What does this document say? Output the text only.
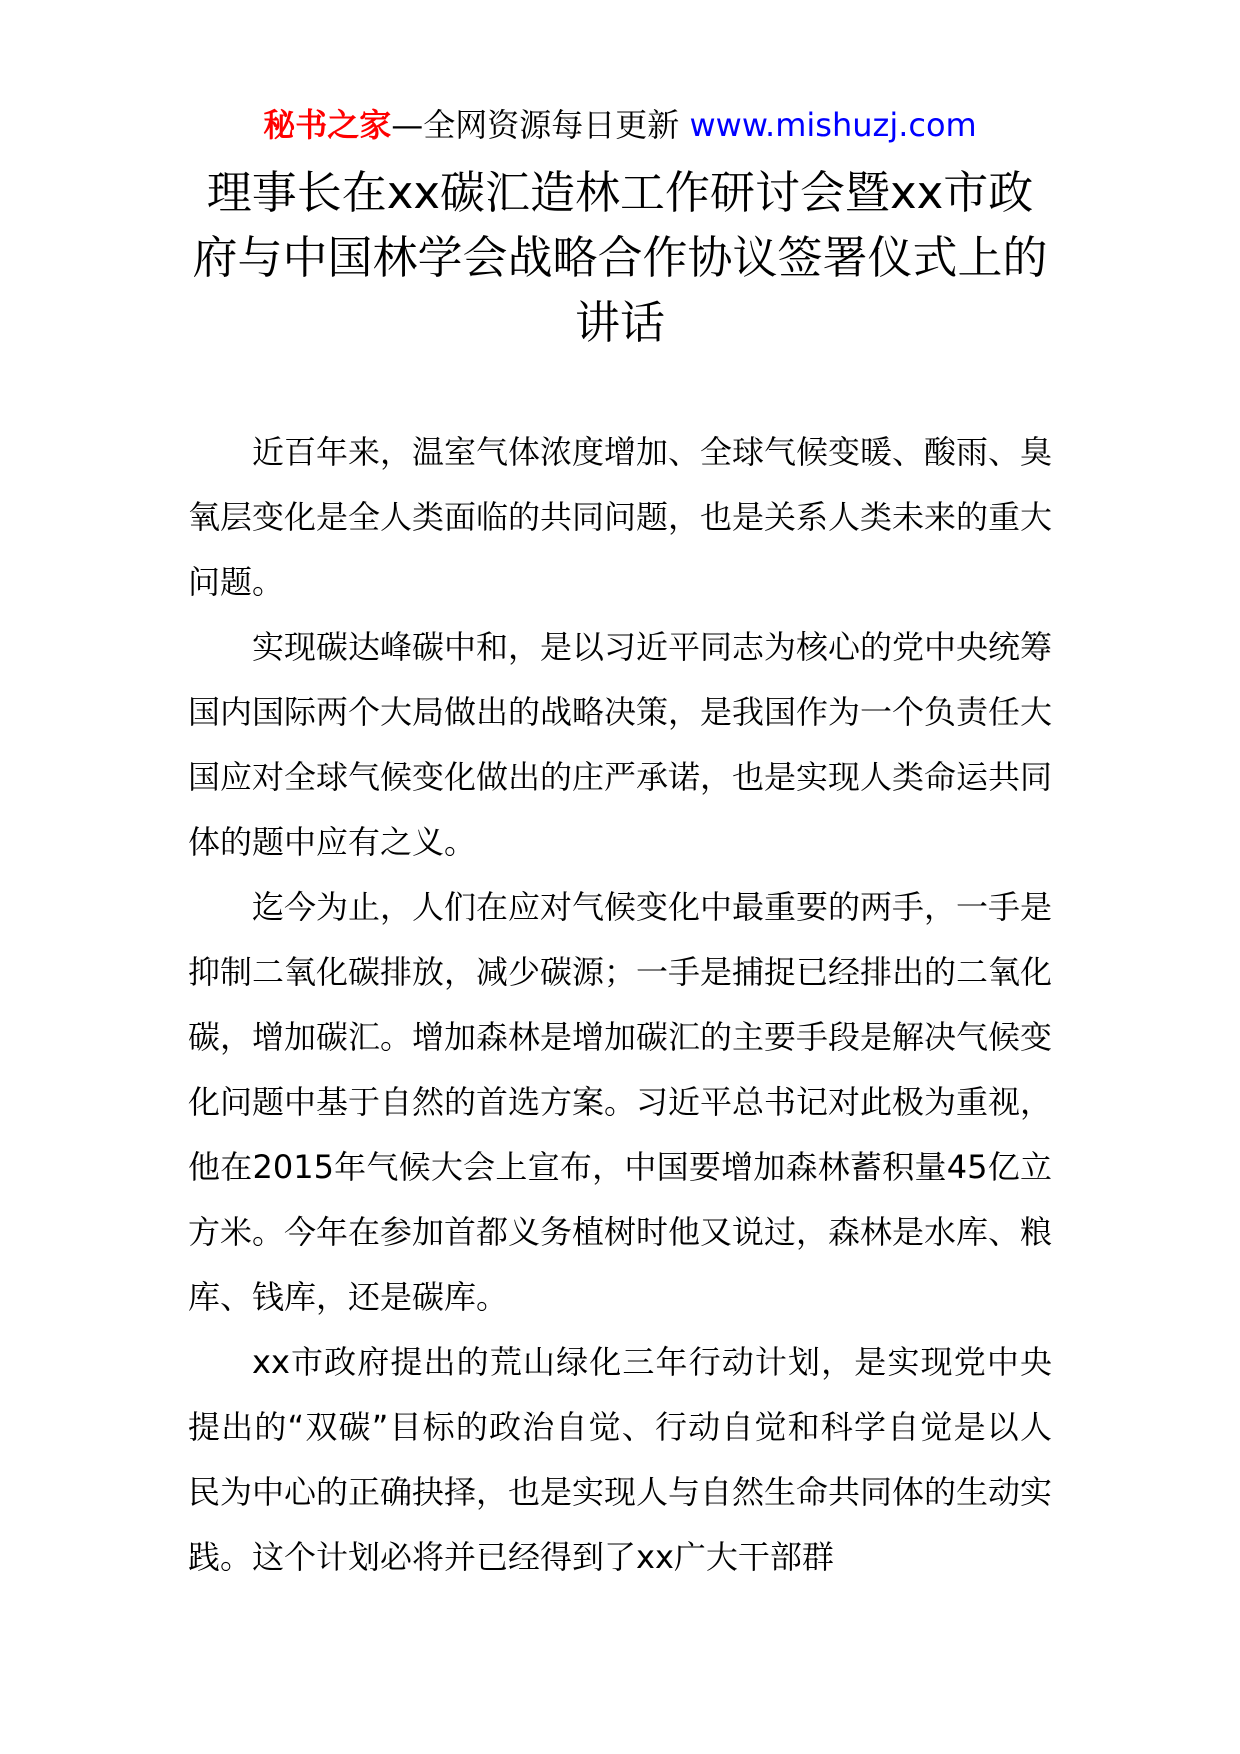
秘书之家—全网资源每日更新 www.mishuzj.com
理事长在xx碳汇造林工作研讨会暨xx市政府与中国林学会战略合作协议签署仪式上的讲话

近百年来，温室气体浓度增加、全球气候变暖、酸雨、臭氧层变化是全人类面临的共同问题，也是关系人类未来的重大问题。

实现碳达峰碳中和，是以习近平同志为核心的党中央统筹国内国际两个大局做出的战略决策，是我国作为一个负责任大国应对全球气候变化做出的庄严承诺，也是实现人类命运共同体的题中应有之义。

迄今为止，人们在应对气候变化中最重要的两手，一手是抑制二氧化碳排放，减少碳源；一手是捕捉已经排出的二氧化碳，增加碳汇。增加森林是增加碳汇的主要手段是解决气候变化问题中基于自然的首选方案。习近平总书记对此极为重视，他在2015年气候大会上宣布，中国要增加森林蓄积量45亿立方米。今年在参加首都义务植树时他又说过，森林是水库、粮库、钱库，还是碳库。

xx市政府提出的荒山绿化三年行动计划，是实现党中央提出的“双碳”目标的政治自觉、行动自觉和科学自觉是以人民为中心的正确抉择，也是实现人与自然生命共同体的生动实践。这个计划必将并已经得到了xx广大干部群
